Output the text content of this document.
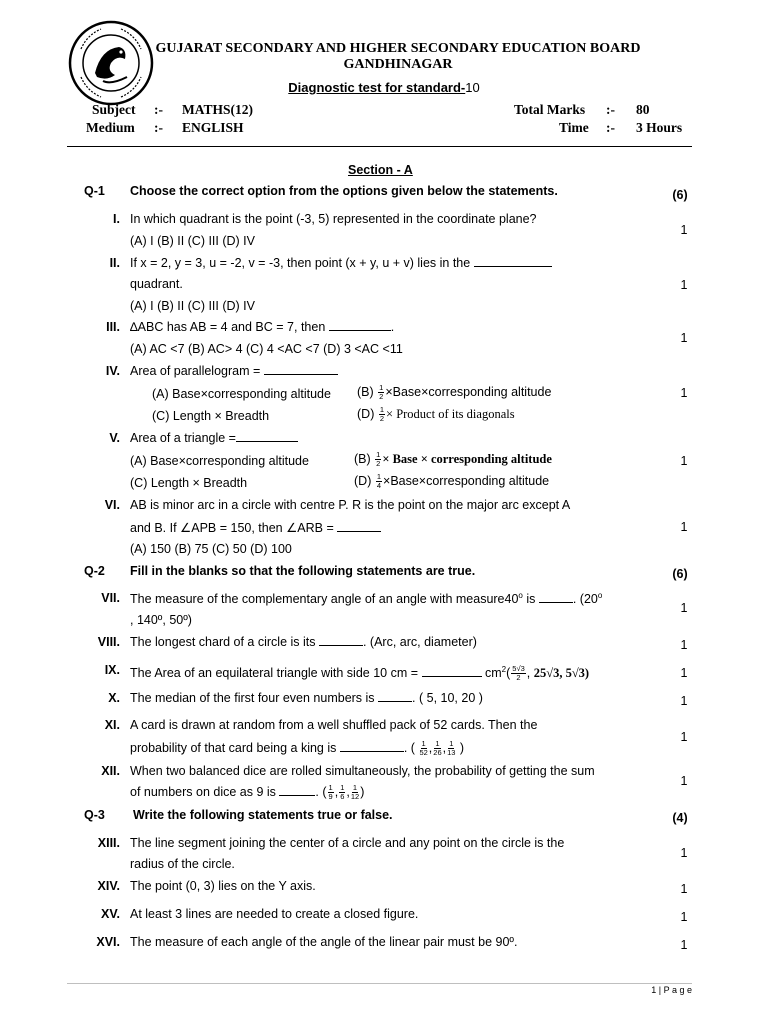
GUJARAT SECONDARY AND HIGHER SECONDARY EDUCATION BOARD
GANDHINAGAR
Diagnostic test for standard-10
Subject :- MATHS(12)
Medium :- ENGLISH
Total Marks :- 80
Time :- 3 Hours
Section - A
Q-1 Choose the correct option from the options given below the statements.	(6)
I. In which quadrant is the point (-3, 5) represented in the coordinate plane?
(A) I (B) II (C) III (D) IV
1
II. If x = 2, y = 3, u = -2, v = -3, then point (x + y, u + v) lies in the
quadrant.
(A) I (B) II (C) III (D) IV
1
III. ∆ABC has AB = 4 and BC = 7, then	.
(A) AC <7 (B) AC> 4 (C) 4 <AC <7 (D) 3 <AC <11
1
IV. Area of parallelogram =
(A) Base×corresponding altitude $(B) \frac{1}{2}$ ×Base×corresponding altitude
(C) Length × Breadth	$(D) \frac{1}{2}$ × Product of its diagonals
1
V. Area of a triangle =
(A) Base×corresponding altitude	$(B) \frac{1}{2}$ × Base × corresponding altitude
(C) Length × Breadth	$(D) \frac{1}{4}$ ×Base×corresponding altitude
1
VI. AB is minor arc in a circle with centre P. R is the point on the major arc except A
and B. If ∠APB = 150, then ∠ARB =
(A) 150 (B) 75 (C) 50 (D) 100
1
Q-2 Fill in the blanks so that the following statements are true.	(6)
VII. The measure of the complementary angle of an angle with measure40$^o$ is	. (20$^o$
, 140º, 50º)
1
VIII. The longest chard of a circle is its	. (Arc, arc, diameter)	1
IX. The Area of an equilateral triangle with side 10 cm =	$cm^2( \frac{5√3}{2}$ , 25√3, 5√3)	1
X. The median of the first four even numbers is	. ( 5, 10, 20 )	1
XI. A card is drawn at random from a well shuffled pack of 52 cards. Then the
probability of that card being a king is	. ( $\frac{1}{52}$ , $\frac{1}{26}$ , $\frac{1}{13}$ )
1
XII. When two balanced dice are rolled simultaneously, the probability of getting the sum
of numbers on dice as 9 is	. ( $\frac{1}{9}$ , $\frac{1}{6}$ , $\frac{1}{12}$ )
1
Q-3 Write the following statements true or false.	(4)
XIII. The line segment joining the center of a circle and any point on the circle is the
radius of the circle.
1
XIV. The point (0, 3) lies on the Y axis.	1
XV. At least 3 lines are needed to create a closed figure.	1
XVI. The measure of each angle of the angle of the linear pair must be 90º.	1
1 | P a g e
